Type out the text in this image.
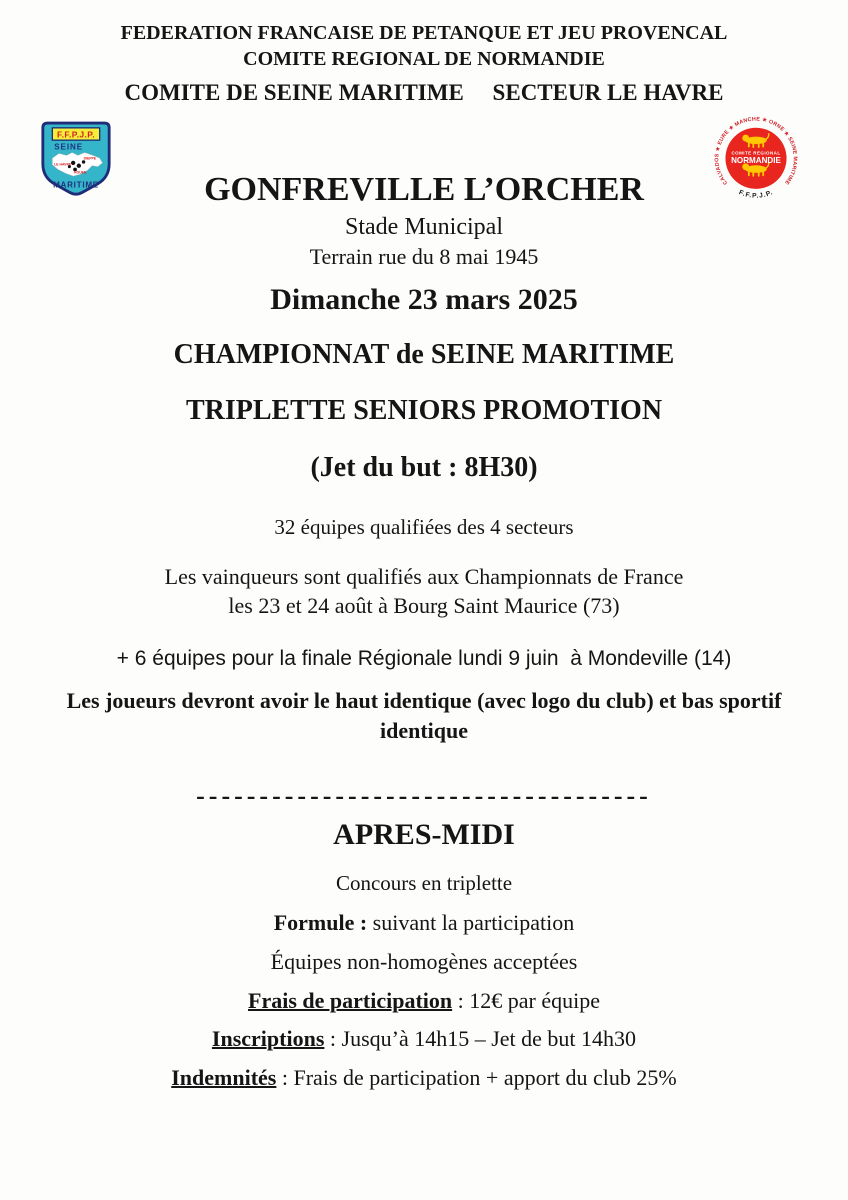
FEDERATION FRANCAISE DE PETANQUE ET JEU PROVENCAL
COMITE REGIONAL DE NORMANDIE
COMITE DE SEINE MARITIME     SECTEUR LE HAVRE
F.F.P.J.P.
SEINE
DIEPPE
LE HAVRE
ROUEN
MARITIME	CALVADOS ★ EURE ★ MANCHE ★ ORNE ★ SEINE MARITIME
COMITE REGIONAL
NORMANDIE
F.F.P.J.P.
GONFREVILLE L’ORCHER
Stade Municipal
Terrain rue du 8 mai 1945
Dimanche 23 mars 2025
CHAMPIONNAT de SEINE MARITIME
TRIPLETTE SENIORS PROMOTION
(Jet du but : 8H30)
32 équipes qualifiées des 4 secteurs
Les vainqueurs sont qualifiés aux Championnats de France
les 23 et 24 août à Bourg Saint Maurice (73)
+ 6 équipes pour la finale Régionale lundi 9 juin  à Mondeville (14)
Les joueurs devront avoir le haut identique (avec logo du club) et bas sportif identique
------------------------------------
APRES-MIDI
Concours en triplette
Formule : suivant la participation
Équipes non-homogènes acceptées
Frais de participation : 12€ par équipe
Inscriptions : Jusqu’à 14h15 – Jet de but 14h30
Indemnités : Frais de participation + apport du club 25%
